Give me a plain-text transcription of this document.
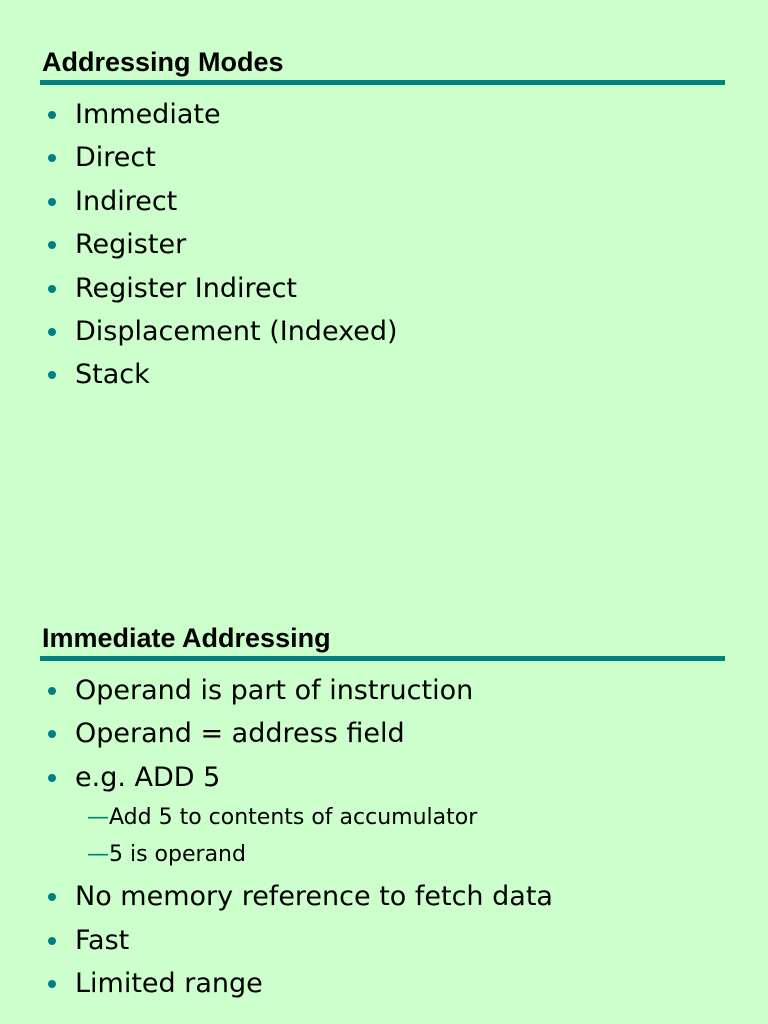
Addressing Modes
Immediate
Direct
Indirect
Register
Register Indirect
Displacement (Indexed)
Stack
Immediate Addressing
Operand is part of instruction
Operand = address field
e.g. ADD 5
—Add 5 to contents of accumulator
—5 is operand
No memory reference to fetch data
Fast
Limited range
